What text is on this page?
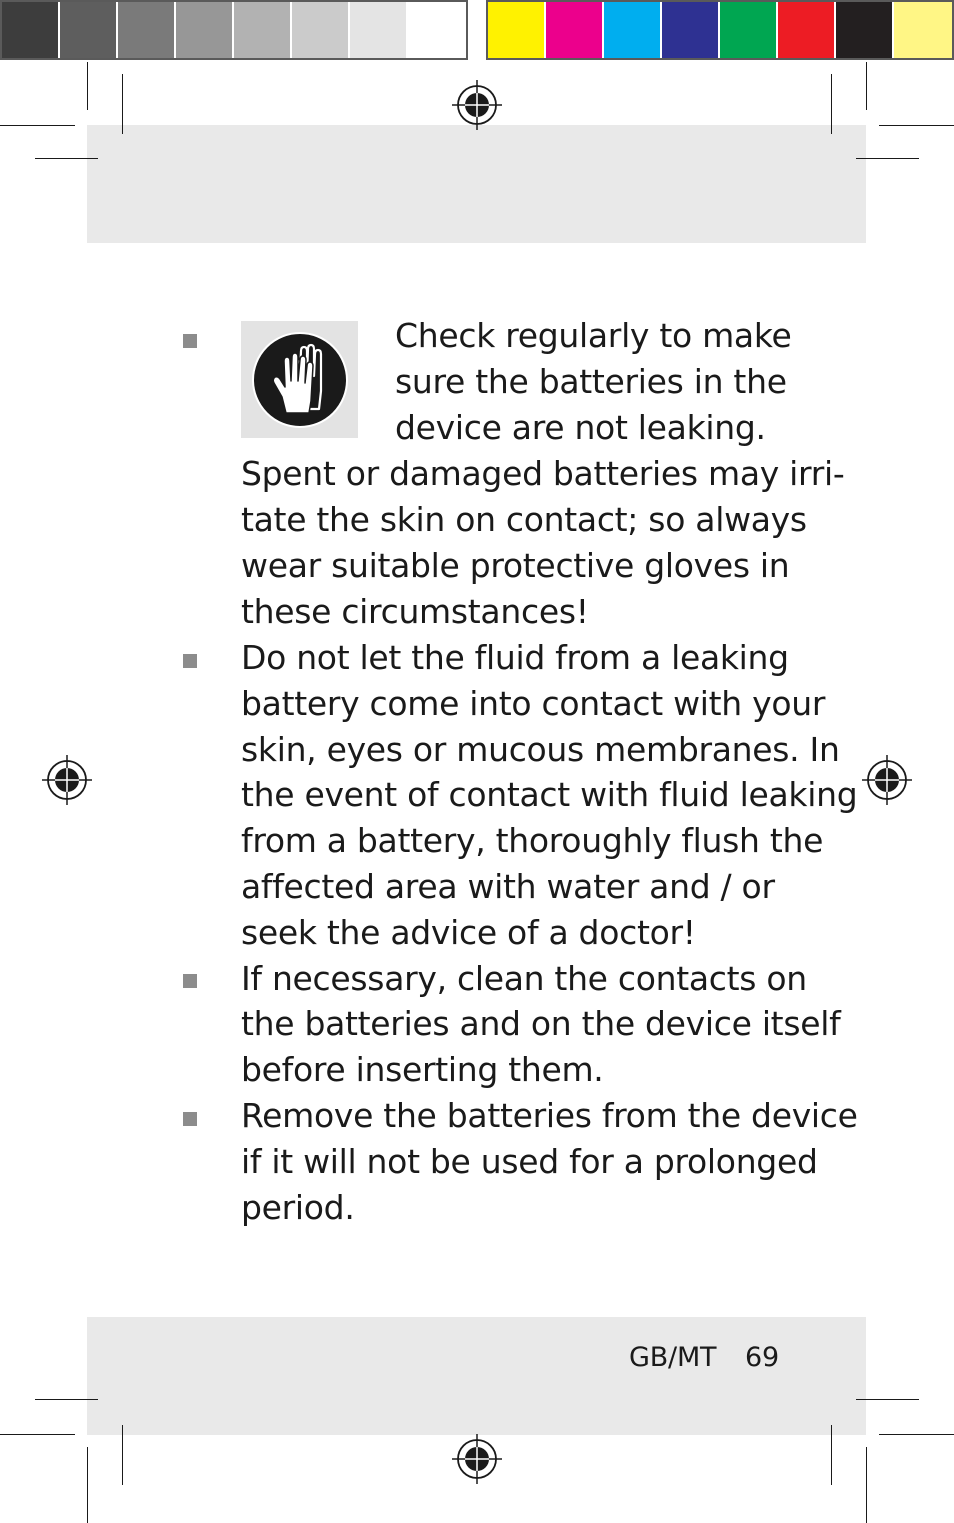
Check regularly to make
sure the batteries in the
device are not leaking.
Spent or damaged batteries may irri-
tate the skin on contact; so always
wear suitable protective gloves in
these circumstances!
Do not let the fluid from a leaking
battery come into contact with your
skin, eyes or mucous membranes. In
the event of contact with fluid leaking
from a battery, thoroughly flush the
affected area with water and / or
seek the advice of a doctor!
If necessary, clean the contacts on
the batteries and on the device itself
before inserting them.
Remove the batteries from the device
if it will not be used for a prolonged
period.
GB/MT 69
